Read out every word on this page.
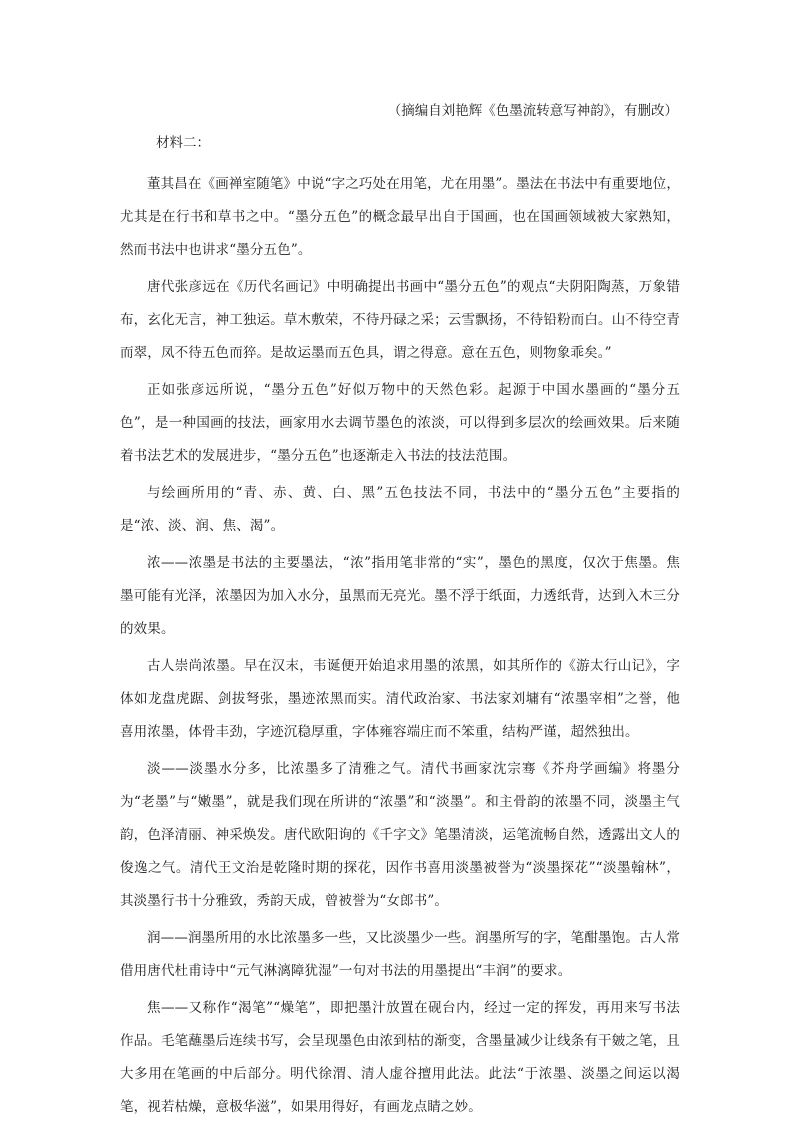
（摘编自刘艳辉《色墨流转意写神韵》，有删改）

材料二：

董其昌在《画禅室随笔》中说“字之巧处在用笔，尤在用墨”。墨法在书法中有重要地位，尤其是在行书和草书之中。“墨分五色”的概念最早出自于国画，也在国画领域被大家熟知，然而书法中也讲求“墨分五色”。

唐代张彦远在《历代名画记》中明确提出书画中“墨分五色”的观点“夫阴阳陶蒸，万象错布，玄化无言，神工独运。草木敷荣，不待丹碌之采；云雪飘扬，不待铅粉而白。山不待空青而翠，凤不待五色而猝。是故运墨而五色具，谓之得意。意在五色，则物象乖矣。”

正如张彦远所说，“墨分五色”好似万物中的天然色彩。起源于中国水墨画的“墨分五色”，是一种国画的技法，画家用水去调节墨色的浓淡，可以得到多层次的绘画效果。后来随着书法艺术的发展进步，“墨分五色”也逐渐走入书法的技法范围。

与绘画所用的“青、赤、黄、白、黑”五色技法不同，书法中的“墨分五色”主要指的是“浓、淡、润、焦、渴”。

浓——浓墨是书法的主要墨法，“浓”指用笔非常的“实”，墨色的黑度，仅次于焦墨。焦墨可能有光泽，浓墨因为加入水分，虽黑而无亮光。墨不浮于纸面，力透纸背，达到入木三分的效果。

古人崇尚浓墨。早在汉末，韦诞便开始追求用墨的浓黑，如其所作的《游太行山记》，字体如龙盘虎踞、剑拔弩张，墨迹浓黑而实。清代政治家、书法家刘墉有“浓墨宰相”之誉，他喜用浓墨，体骨丰劲，字迹沉稳厚重，字体雍容端庄而不笨重，结构严谨，超然独出。

淡——淡墨水分多，比浓墨多了清雅之气。清代书画家沈宗骞《芥舟学画编》将墨分为“老墨”与“嫩墨”，就是我们现在所讲的“浓墨”和“淡墨”。和主骨韵的浓墨不同，淡墨主气韵，色泽清丽、神采焕发。唐代欧阳询的《千字文》笔墨清淡，运笔流畅自然，透露出文人的俊逸之气。清代王文治是乾隆时期的探花，因作书喜用淡墨被誉为“淡墨探花”“淡墨翰林”，其淡墨行书十分雅致，秀韵天成，曾被誉为“女郎书”。

润——润墨所用的水比浓墨多一些，又比淡墨少一些。润墨所写的字，笔酣墨饱。古人常借用唐代杜甫诗中“元气淋漓障犹湿”一句对书法的用墨提出“丰润”的要求。

焦——又称作“渴笔”“燥笔”，即把墨汁放置在砚台内，经过一定的挥发，再用来写书法作品。毛笔蘸墨后连续书写，会呈现墨色由浓到枯的渐变，含墨量减少让线条有干皴之笔，且大多用在笔画的中后部分。明代徐渭、清人虚谷擅用此法。此法“于浓墨、淡墨之间运以渴笔，视若枯燥，意极华滋”，如果用得好，有画龙点睛之妙。
